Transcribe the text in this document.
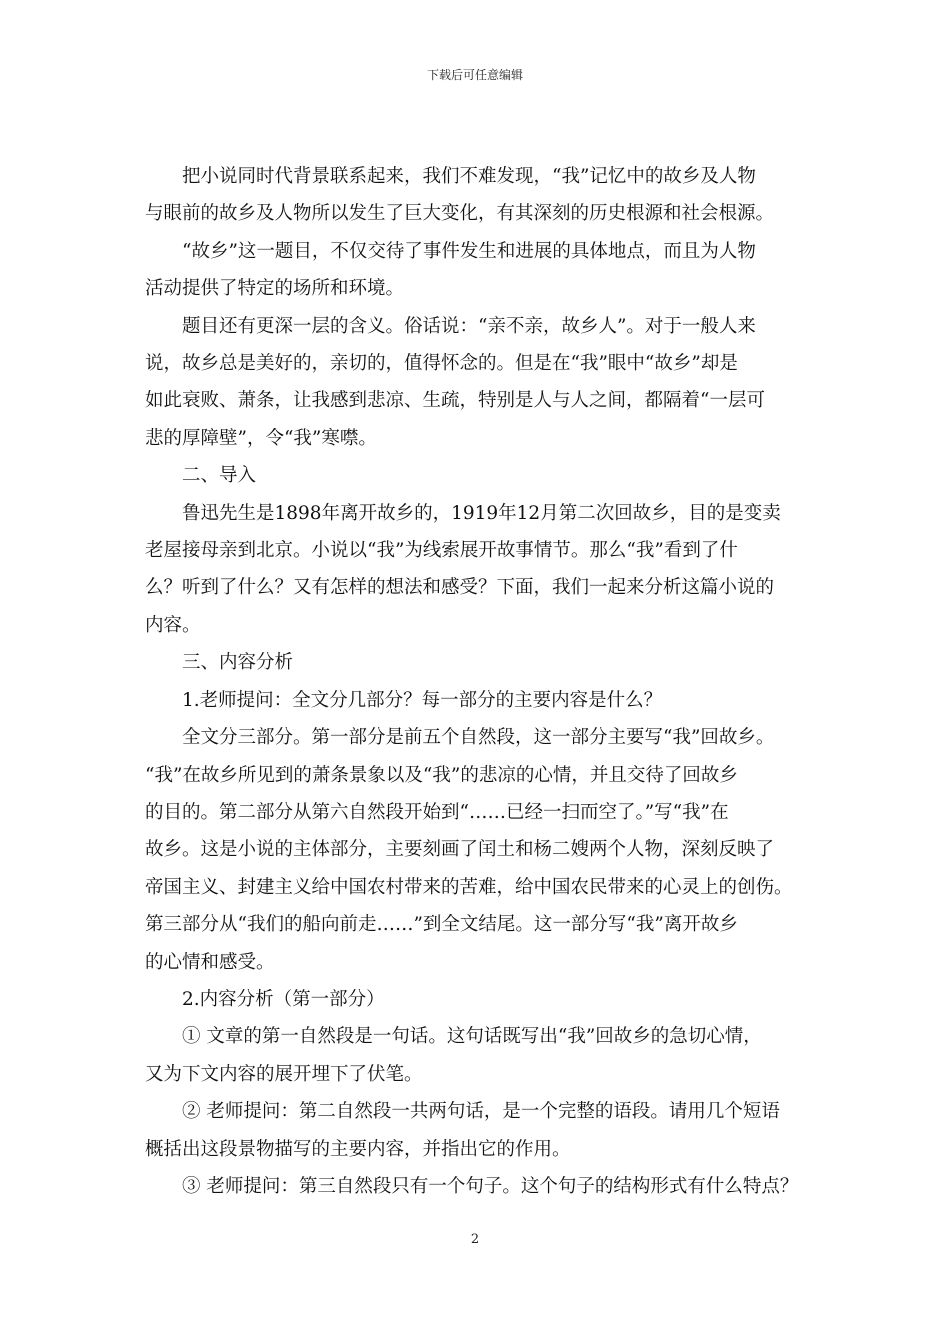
下载后可任意编辑

把小说同时代背景联系起来，我们不难发现，“我”记忆中的故乡及人物
与眼前的故乡及人物所以发生了巨大变化，有其深刻的历史根源和社会根源。

“故乡”这一题目，不仅交待了事件发生和进展的具体地点，而且为人物
活动提供了特定的场所和环境。

题目还有更深一层的含义。俗话说：“亲不亲，故乡人”。对于一般人来
说，故乡总是美好的，亲切的，值得怀念的。但是在“我”眼中“故乡”却是
如此衰败、萧条，让我感到悲凉、生疏，特别是人与人之间，都隔着“一层可
悲的厚障壁”，令“我”寒噤。

二、导入

鲁迅先生是1898年离开故乡的，1919年12月第二次回故乡，目的是变卖
老屋接母亲到北京。小说以“我”为线索展开故事情节。那么“我”看到了什
么？听到了什么？又有怎样的想法和感受？下面，我们一起来分析这篇小说的
内容。

三、内容分析

1.老师提问：全文分几部分？每一部分的主要内容是什么？

全文分三部分。第一部分是前五个自然段，这一部分主要写“我”回故乡。
“我”在故乡所见到的萧条景象以及“我”的悲凉的心情，并且交待了回故乡
的目的。第二部分从第六自然段开始到“……已经一扫而空了。”写“我”在
故乡。这是小说的主体部分，主要刻画了闰土和杨二嫂两个人物，深刻反映了
帝国主义、封建主义给中国农村带来的苦难，给中国农民带来的心灵上的创伤。
第三部分从“我们的船向前走……”到全文结尾。这一部分写“我”离开故乡
的心情和感受。

2.内容分析（第一部分）

① 文章的第一自然段是一句话。这句话既写出“我”回故乡的急切心情，
又为下文内容的展开埋下了伏笔。

② 老师提问：第二自然段一共两句话，是一个完整的语段。请用几个短语
概括出这段景物描写的主要内容，并指出它的作用。

③ 老师提问：第三自然段只有一个句子。这个句子的结构形式有什么特点？

2
